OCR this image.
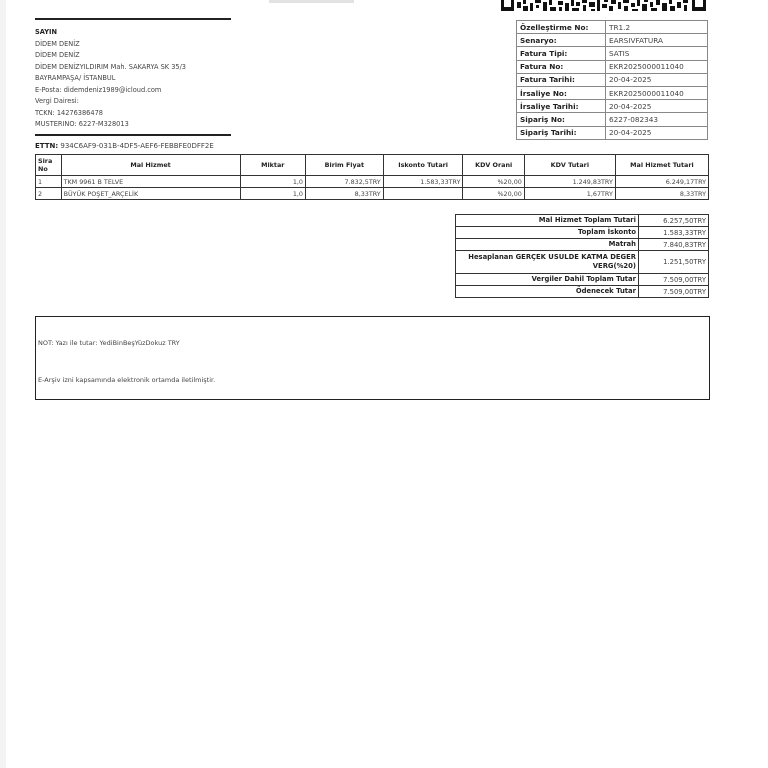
SAYIN
DİDEM DENİZ
DİDEM DENİZ
DİDEM DENİZYILDIRIM Mah. SAKARYA SK 35/3
BAYRAMPAŞA/ İSTANBUL
E-Posta: didemdeniz1989@icloud.com
Vergi Dairesi:
TCKN: 14276386478
MUSTERINO: 6227-M328013
Özelleştirme No:	TR1.2
Senaryo:	EARSIVFATURA
Fatura Tipi:	SATIS
Fatura No:	EKR2025000011040
Fatura Tarihi:	20-04-2025
İrsaliye No:	EKR2025000011040
İrsaliye Tarihi:	20-04-2025
Sipariş No:	6227-082343
Sipariş Tarihi:	20-04-2025
ETTN: 934C6AF9-031B-4DF5-AEF6-FEBBFE0DFF2E
Sira No	Mal Hizmet	Miktar	Birim Fiyat	Iskonto Tutari	KDV Orani	KDV Tutari	Mal Hizmet Tutari
1	TKM 9961 B TELVE	1,0	7.832,5TRY	1.583,33TRY	%20,00	1.249,83TRY	6.249,17TRY
2	BÜYÜK POŞET_ARÇELİK	1,0	8,33TRY		%20,00	1,67TRY	8,33TRY
Mal Hizmet Toplam Tutari	6.257,50TRY
Toplam İskonto	1.583,33TRY
Matrah	7.840,83TRY
Hesaplanan GERÇEK USULDE KATMA DEGER VERG(%20)	1.251,50TRY
Vergiler Dahil Toplam Tutar	7.509,00TRY
Ödenecek Tutar	7.509,00TRY
NOT: Yazı ile tutar: YediBinBeşYüzDokuz TRY
E-Arşiv izni kapsamında elektronik ortamda iletilmiştir.
